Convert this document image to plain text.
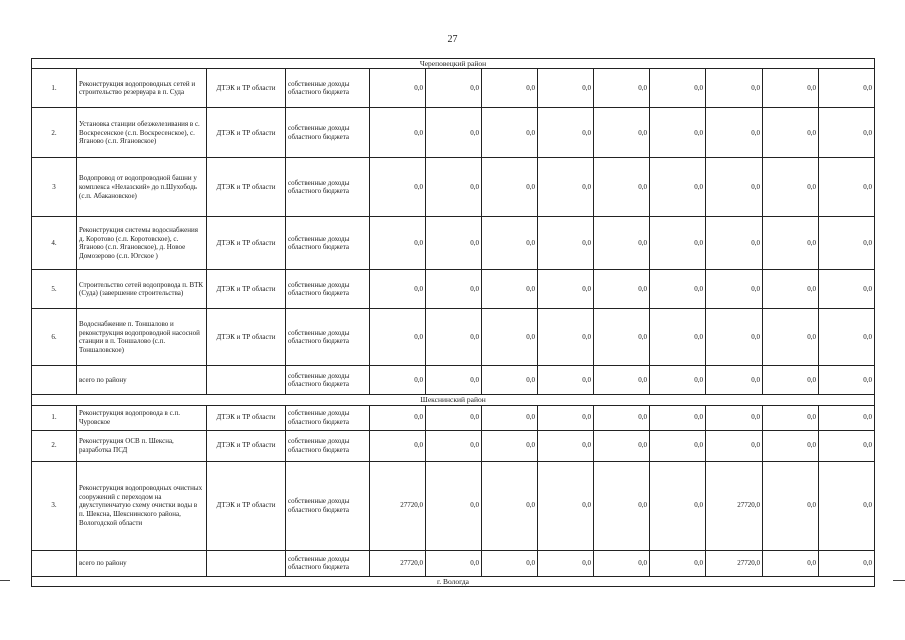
27
Череповецкий район												
1.	Реконструкция водопроводных сетей и строительство резервуара в п. Суда	ДТЭК и ТР области	собственные доходы областного бюджета	0,0	0,0	0,0	0,0	0,0	0,0	0,0	0,0	0,0
2.	Установка станции обезжелезивания в с. Воскресенское (с.п. Воскресенское), с. Яганово (с.п. Ягановское)	ДТЭК и ТР области	собственные доходы областного бюджета	0,0	0,0	0,0	0,0	0,0	0,0	0,0	0,0	0,0
3	Водопровод от водопроводной башни у комплекса «Нелазский» до п.Шухободь (с.п. Абакановское)	ДТЭК и ТР области	собственные доходы областного бюджета	0,0	0,0	0,0	0,0	0,0	0,0	0,0	0,0	0,0
4.	Реконструкция системы водоснабжения д. Коротово (с.п. Коротовское), с. Яганово (с.п. Ягановское), д. Новое Домозерово (с.п. Югское )	ДТЭК и ТР области	собственные доходы областного бюджета	0,0	0,0	0,0	0,0	0,0	0,0	0,0	0,0	0,0
5.	Строительство сетей водопровода п. ВТК (Суда) (завершение строительства)	ДТЭК и ТР области	собственные доходы областного бюджета	0,0	0,0	0,0	0,0	0,0	0,0	0,0	0,0	0,0
6.	Водоснабжение п. Тоншалово и реконструкция водопроводной насосной станции в п. Тоншалово (с.п. Тоншаловское)	ДТЭК и ТР области	собственные доходы областного бюджета	0,0	0,0	0,0	0,0	0,0	0,0	0,0	0,0	0,0
	всего по району		собственные доходы областного бюджета	0,0	0,0	0,0	0,0	0,0	0,0	0,0	0,0	0,0
Шекснинский район												
1.	Реконструкция водопровода в с.п. Чуровское	ДТЭК и ТР области	собственные доходы областного бюджета	0,0	0,0	0,0	0,0	0,0	0,0	0,0	0,0	0,0
2.	Реконструкция ОСВ п. Шексна, разработка ПСД	ДТЭК и ТР области	собственные доходы областного бюджета	0,0	0,0	0,0	0,0	0,0	0,0	0,0	0,0	0,0
3.	Реконструкция водопроводных очистных сооружений с переходом на двухступенчатую схему очистки воды в п. Шексна, Шекснинского района, Вологодской области	ДТЭК и ТР области	собственные доходы областного бюджета	27720,0	0,0	0,0	0,0	0,0	0,0	27720,0	0,0	0,0
	всего по району		собственные доходы областного бюджета	27720,0	0,0	0,0	0,0	0,0	0,0	27720,0	0,0	0,0
г. Вологда												
